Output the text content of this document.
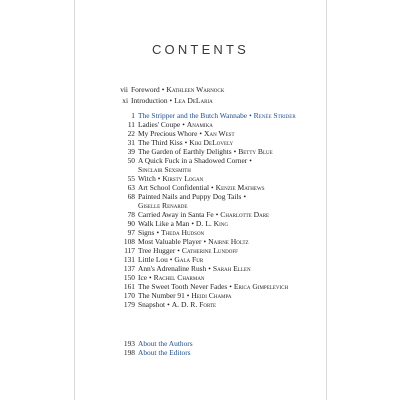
CONTENTS
vii Foreword • Kathleen Warnock
xi Introduction • Lea DeLaria
1 The Stripper and the Butch Wannabe • Renée Strider
11 Ladies' Coupe • Anamika
22 My Precious Whore • Xan West
31 The Third Kiss • Kiki DeLovely
39 The Garden of Earthly Delights • Betty Blue
50 A Quick Fuck in a Shadowed Corner •
Sinclair Sexsmith
55 Witch • Kirsty Logan
63 Art School Confidential • Kenzie Mathews
68 Painted Nails and Puppy Dog Tails •
Giselle Renarde
78 Carried Away in Santa Fe • Charlotte Dare
90 Walk Like a Man • D. L. King
97 Signs • Theda Hudson
108 Most Valuable Player • Nairne Holtz
117 Tree Hugger • Catherine Lundoff
131 Little Lou • Gala Fur
137 Ann's Adrenaline Rush • Sarah Ellen
150 Ice • Rachel Charman
161 The Sweet Tooth Never Fades • Erica Gimpelevich
170 The Number 91 • Heidi Champa
179 Snapshot • A. D. R. Forte
193 About the Authors
198 About the Editors
